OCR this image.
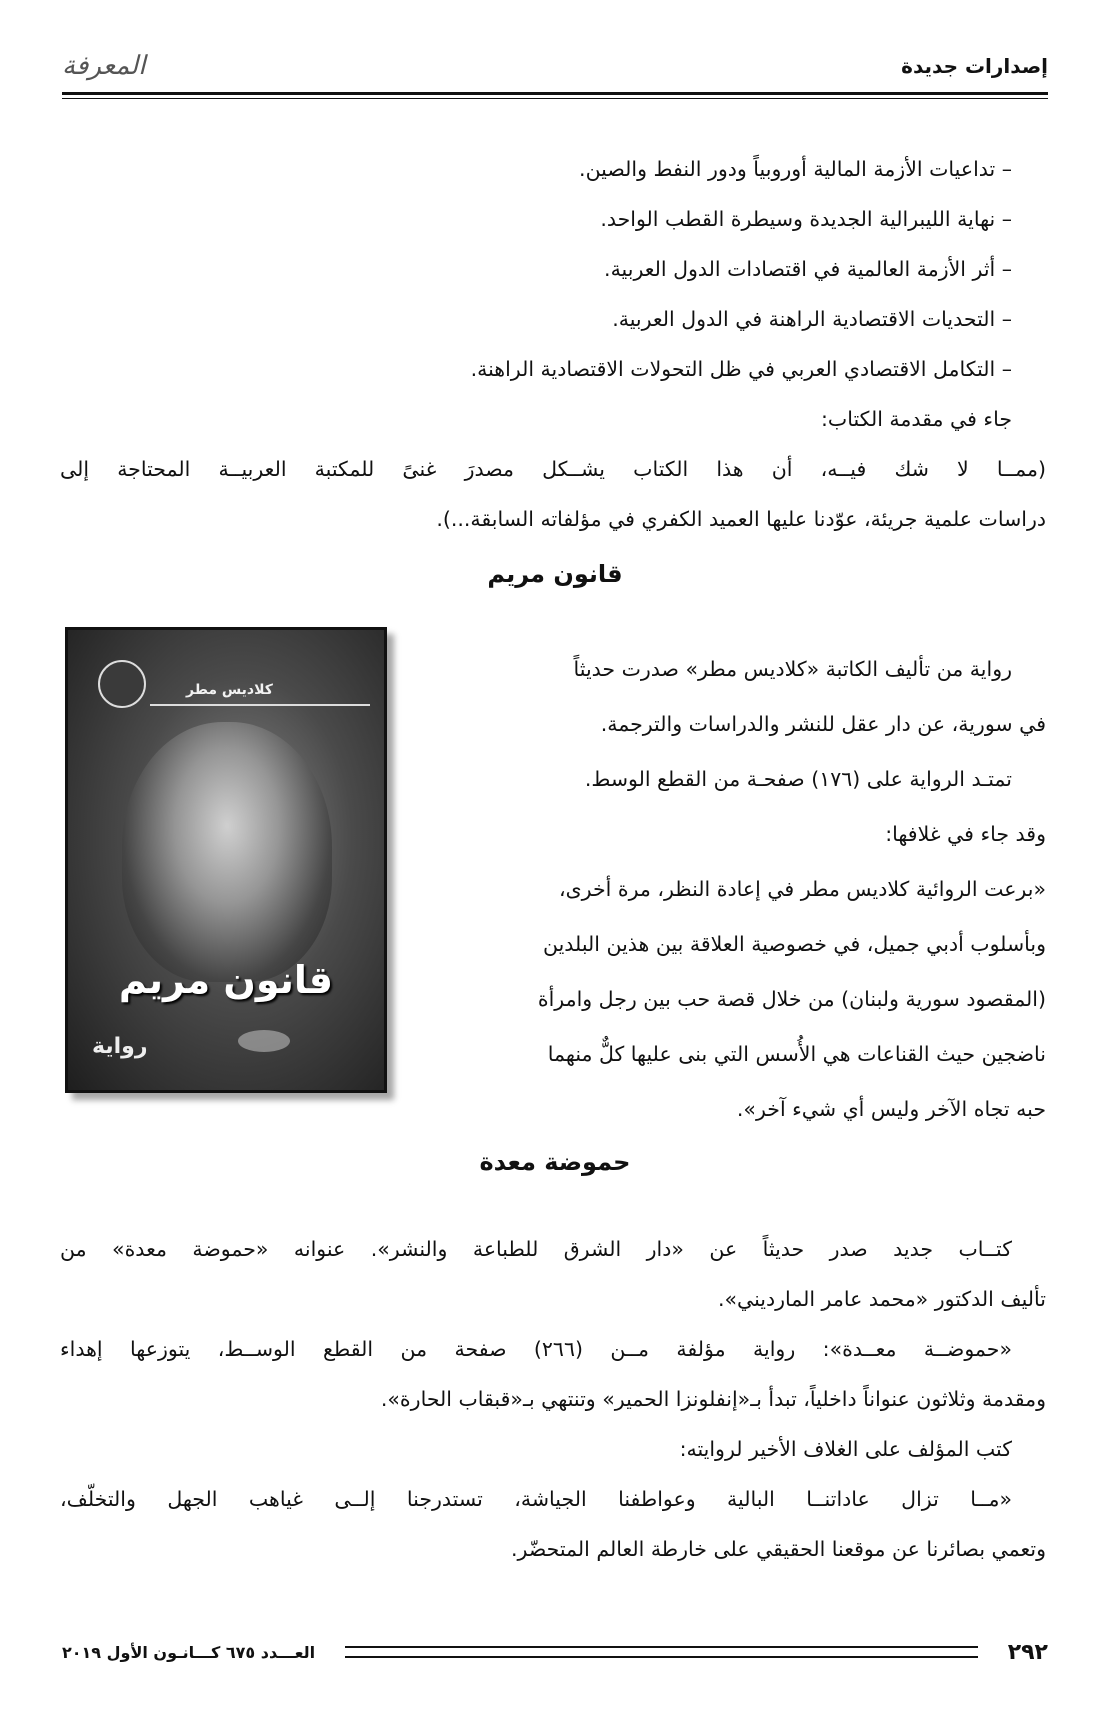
إصدارات جديدة
المعرفة
– تداعيات الأزمة المالية أوروبياً ودور النفط والصين.
– نهاية الليبرالية الجديدة وسيطرة القطب الواحد.
– أثر الأزمة العالمية في اقتصادات الدول العربية.
– التحديات الاقتصادية الراهنة في الدول العربية.
– التكامل الاقتصادي العربي في ظل التحولات الاقتصادية الراهنة.
جاء في مقدمة الكتاب:
(ممــا لا شك فيــه، أن هذا الكتاب يشــكل مصدرَ غنىً للمكتبة العربيــة المحتاجة إلى
دراسات علمية جريئة، عوّدنا عليها العميد الكفري في مؤلفاته السابقة...).
قانون مريم
كلاديس مطر
قانون مريم
رواية
رواية من تأليف الكاتبة «كلاديس مطر» صدرت حديثاً
في سورية، عن دار عقل للنشر والدراسات والترجمة.
تمتـد الرواية على (١٧٦) صفحـة من القطع الوسط.
وقد جاء في غلافها:
«برعت الروائية كلاديس مطر في إعادة النظر، مرة أخرى،
وبأسلوب أدبي جميل، في خصوصية العلاقة بين هذين البلدين
(المقصود سورية ولبنان) من خلال قصة حب بين رجل وامرأة
ناضجين حيث القناعات هي الأُسس التي بنى عليها كلٌّ منهما
حبه تجاه الآخر وليس أي شيء آخر».
حموضة معدة
كتــاب جديد صدر حديثاً عن «دار الشرق للطباعة والنشر». عنوانه «حموضة معدة» من
تأليف الدكتور «محمد عامر المارديني».
«حموضــة معــدة»: رواية مؤلفة مــن (٢٦٦) صفحة من القطع الوســط، يتوزعها إهداء
ومقدمة وثلاثون عنواناً داخلياً، تبدأ بـ«إنفلونزا الحمير» وتنتهي بـ«قبقاب الحارة».
كتب المؤلف على الغلاف الأخير لروايته:
«مــا تزال عاداتنــا البالية وعواطفنا الجياشة، تستدرجنا إلــى غياهب الجهل والتخلّف،
وتعمي بصائرنا عن موقعنا الحقيقي على خارطة العالم المتحضّر.
٢٩٢
العـــدد ٦٧٥ كـــانـون الأول ٢٠١٩
